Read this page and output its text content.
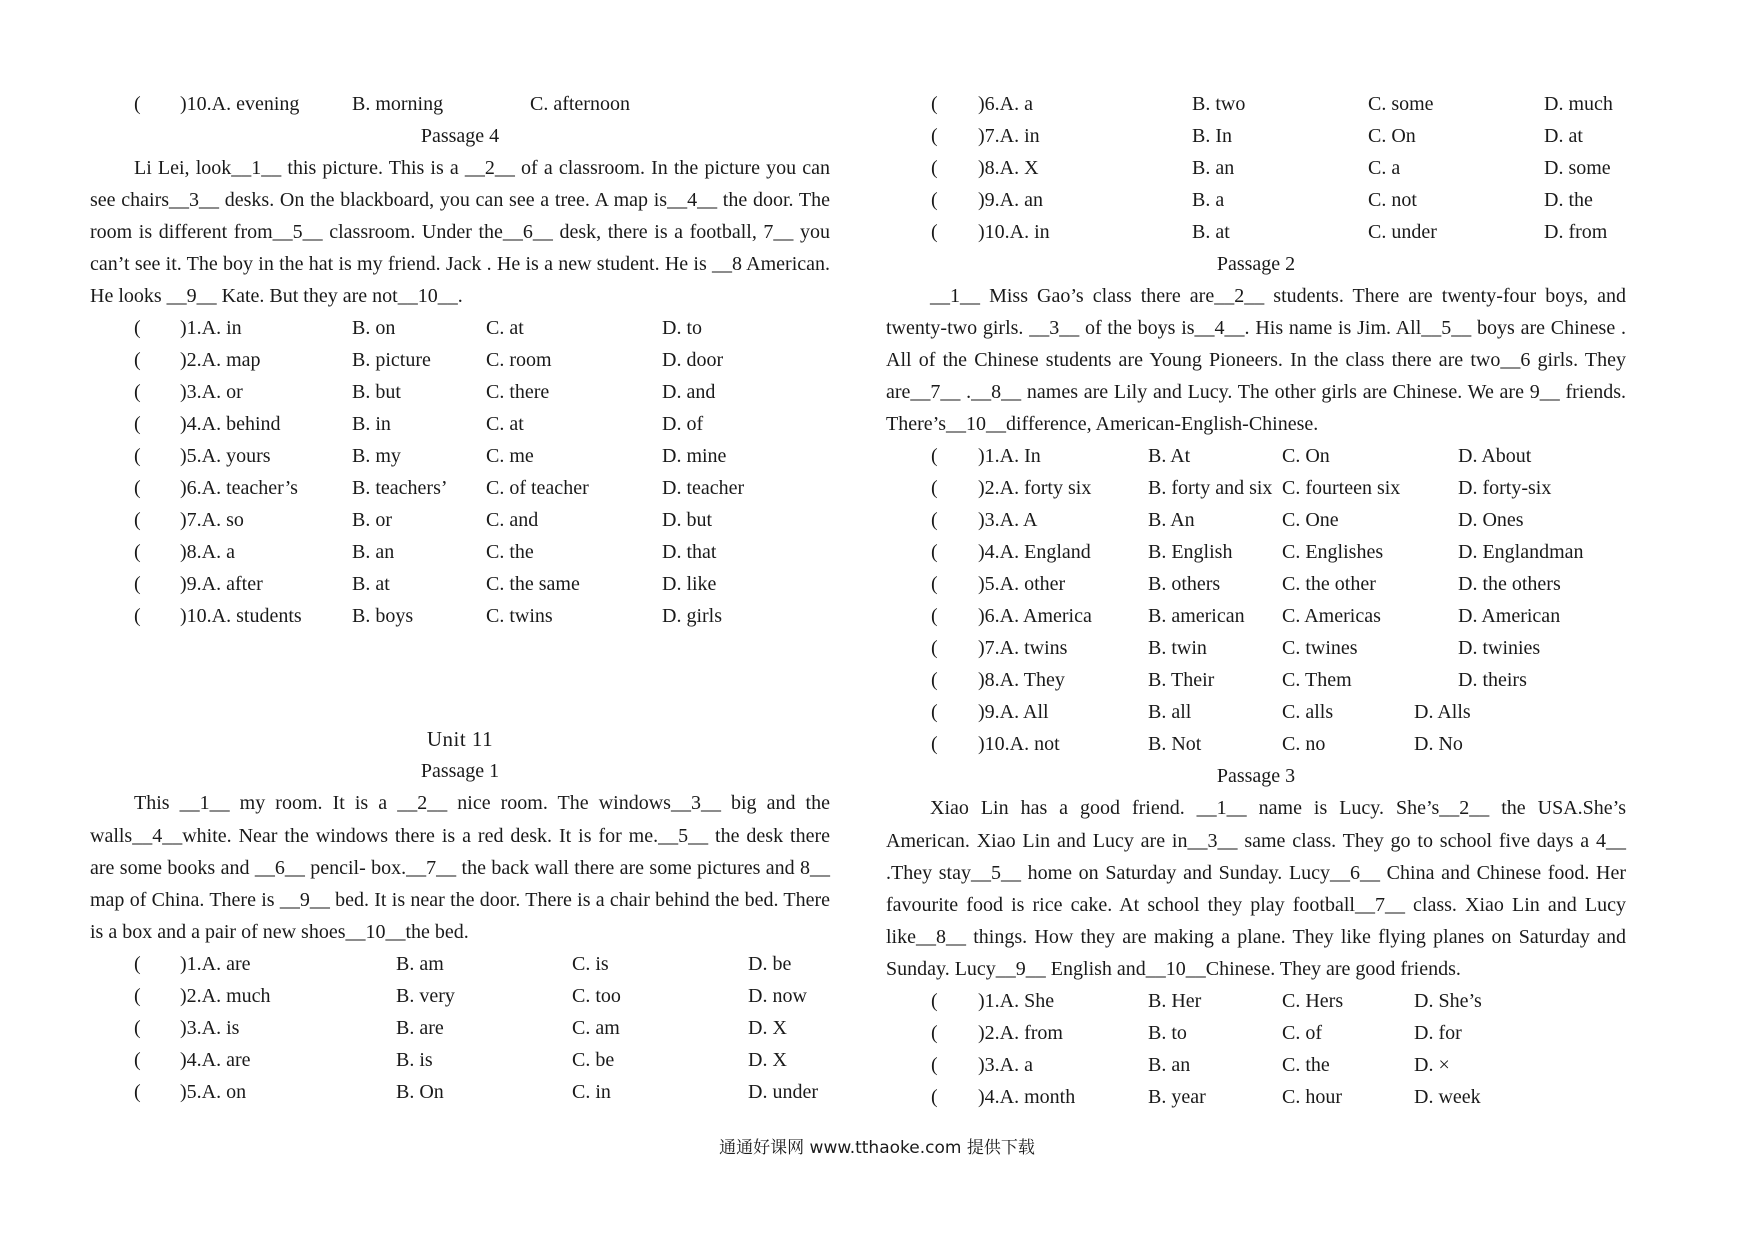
( )10.A. evening	B. morning	C. afternoon
Passage 4
Li Lei, look__1__ this picture. This is a __2__ of a classroom. In the picture you can see chairs__3__ desks. On the blackboard, you can see a tree. A map is__4__ the door. The room is different from__5__ classroom. Under the__6__ desk, there is a football, 7__ you can’t see it. The boy in the hat is my friend. Jack . He is a new student. He is __8 American. He looks __9__ Kate. But they are not__10__.
( )1.A. in	B. on	C. at	D. to
( )2.A. map	B. picture	C. room	D. door
( )3.A. or	B. but	C. there	D. and
( )4.A. behind	B. in	C. at	D. of
( )5.A. yours	B. my	C. me	D. mine
( )6.A. teacher’s	B. teachers’ C. of teacher	D. teacher
( )7.A. so	B. or	C. and	D. but
( )8.A. a	B. an	C. the	D. that
( )9.A. after	B. at	C. the same	D. like
( )10.A. students	B. boys	C. twins	D. girls
Unit 11
Passage 1
This __1__ my room. It is a __2__ nice room. The windows__3__ big and the walls__4__white. Near the windows there is a red desk. It is for me.__5__ the desk there are some books and __6__ pencil- box.__7__ the back wall there are some pictures and 8__ map of China. There is __9__ bed. It is near the door. There is a chair behind the bed. There is a box and a pair of new shoes__10__the bed.
( )1.A. are	B. am	C. is	D. be
( )2.A. much	B. very	C. too	D. now
( )3.A. is	B. are	C. am	D. X
( )4.A. are	B. is	C. be	D. X
( )5.A. on	B. On	C. in	D. under
( )6.A. a	B. two	C. some	D. much
( )7.A. in	B. In	C. On	D. at
( )8.A. X	B. an	C. a	D. some
( )9.A. an	B. a	C. not	D. the
( )10.A. in	B. at	C. under	D. from
Passage 2
__1__ Miss Gao’s class there are__2__ students. There are twenty-four boys, and twenty-two girls. __3__ of the boys is__4__. His name is Jim. All__5__ boys are Chinese . All of the Chinese students are Young Pioneers. In the class there are two__6 girls. They are__7__ .__8__ names are Lily and Lucy. The other girls are Chinese. We are 9__ friends. There’s__10__difference, American-English-Chinese.
( )1.A. In	B. At	C. On	D. About
( )2.A. forty six	B. forty and six C. fourteen six	D. forty-six
( )3.A. A	B. An	C. One	D. Ones
( )4.A. England	B. English C. Englishes	D. Englandman
( )5.A. other	B. others	C. the other	D. the others
( )6.A. America	B. american C. Americas	D. American
( )7.A. twins	B. twin	C. twines	D. twinies
( )8.A. They	B. Their	C. Them	D. theirs
( )9.A. All	B. all	C. alls	D. Alls
( )10.A. not	B. Not	C. no	D. No
Passage 3
Xiao Lin has a good friend. __1__ name is Lucy. She’s__2__ the USA.She’s American. Xiao Lin and Lucy are in__3__ same class. They go to school five days a 4__ .They stay__5__ home on Saturday and Sunday. Lucy__6__ China and Chinese food. Her favourite food is rice cake. At school they play football__7__ class. Xiao Lin and Lucy like__8__ things. How they are making a plane. They like flying planes on Saturday and Sunday. Lucy__9__ English and__10__Chinese. They are good friends.
( )1.A. She	B. Her	C. Hers	D. She’s
( )2.A. from	B. to	C. of	D. for
( )3.A. a	B. an	C. the	D. ×
( )4.A. month	B. year	C. hour	D. week
通通好课网 www.tthaoke.com 提供下载
